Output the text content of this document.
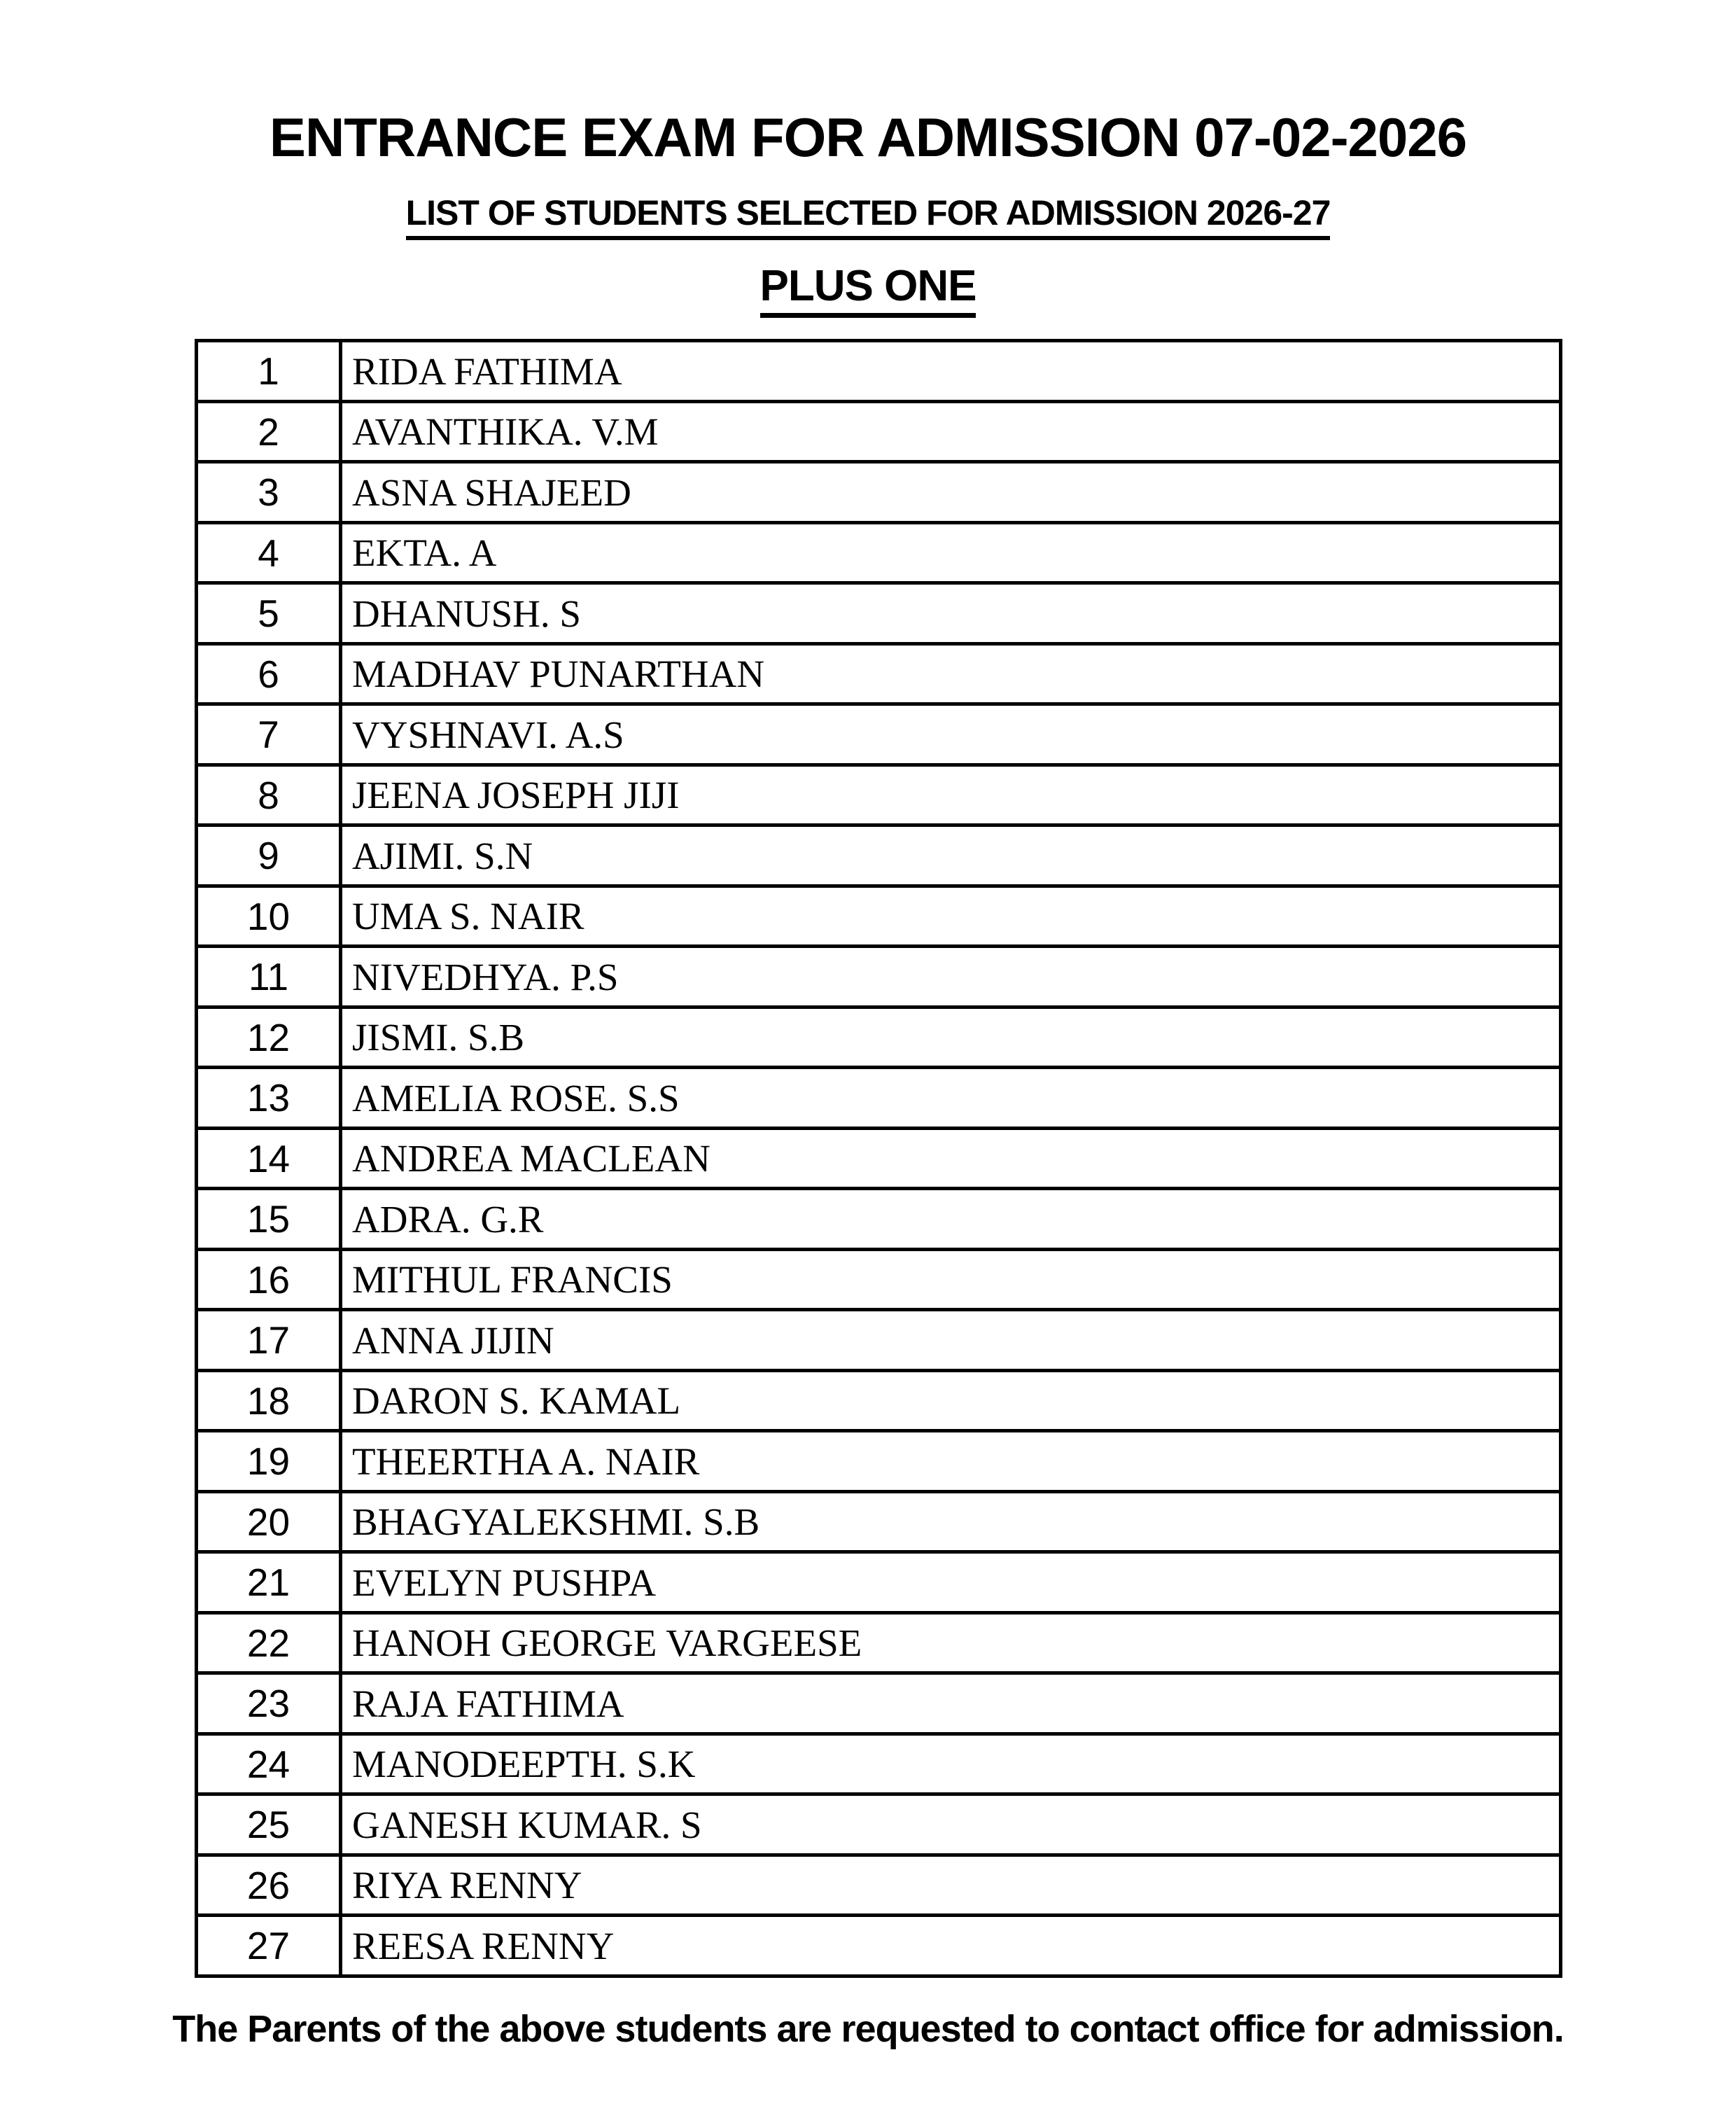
ENTRANCE EXAM FOR ADMISSION 07-02-2026
LIST OF STUDENTS SELECTED FOR ADMISSION 2026-27
PLUS ONE
1	RIDA FATHIMA
2	AVANTHIKA. V.M
3	ASNA SHAJEED
4	EKTA. A
5	DHANUSH. S
6	MADHAV PUNARTHAN
7	VYSHNAVI. A.S
8	JEENA JOSEPH JIJI
9	AJIMI. S.N
10	UMA S. NAIR
11	NIVEDHYA. P.S
12	JISMI. S.B
13	AMELIA ROSE. S.S
14	ANDREA MACLEAN
15	ADRA. G.R
16	MITHUL FRANCIS
17	ANNA JIJIN
18	DARON S. KAMAL
19	THEERTHA A. NAIR
20	BHAGYALEKSHMI. S.B
21	EVELYN PUSHPA
22	HANOH GEORGE VARGEESE
23	RAJA FATHIMA
24	MANODEEPTH. S.K
25	GANESH KUMAR. S
26	RIYA RENNY
27	REESA RENNY
The Parents of the above students are requested to contact office for admission.
